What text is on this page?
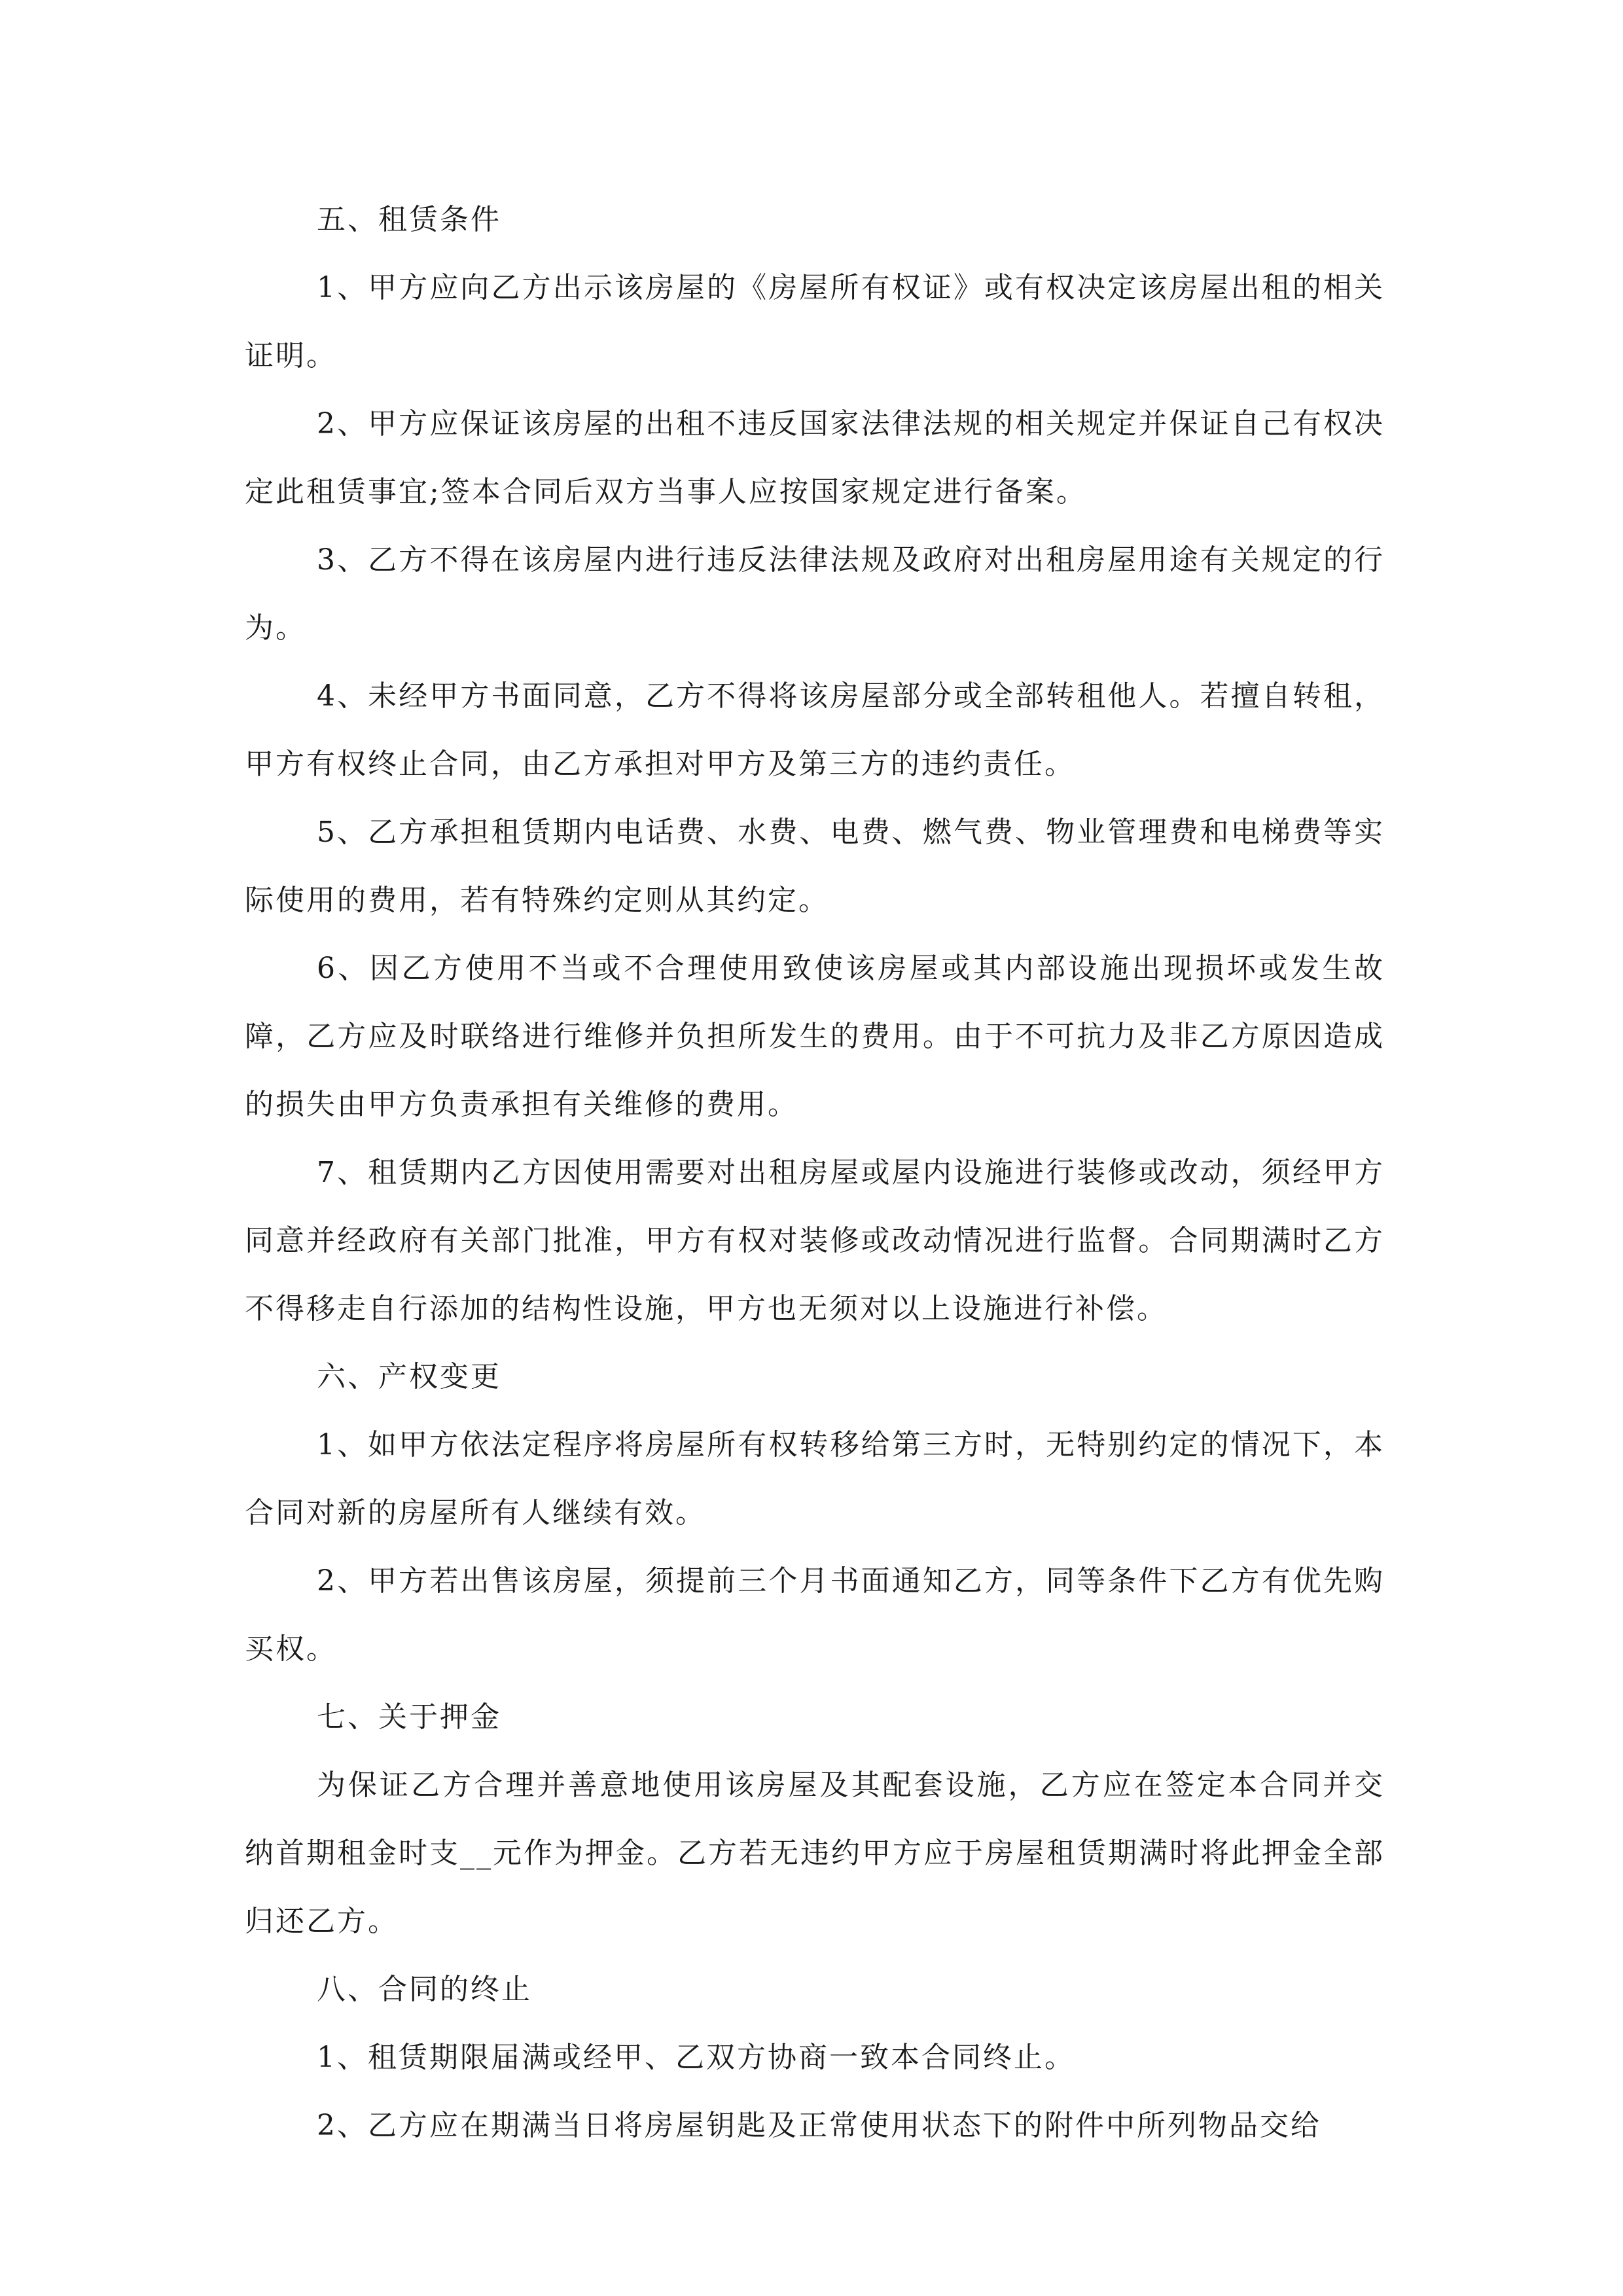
五、租赁条件

1、甲方应向乙方出示该房屋的《房屋所有权证》或有权决定该房屋出租的相关证明。

2、甲方应保证该房屋的出租不违反国家法律法规的相关规定并保证自己有权决定此租赁事宜;签本合同后双方当事人应按国家规定进行备案。

3、乙方不得在该房屋内进行违反法律法规及政府对出租房屋用途有关规定的行为。

4、未经甲方书面同意，乙方不得将该房屋部分或全部转租他人。若擅自转租，甲方有权终止合同，由乙方承担对甲方及第三方的违约责任。

5、乙方承担租赁期内电话费、水费、电费、燃气费、物业管理费和电梯费等实际使用的费用，若有特殊约定则从其约定。

6、因乙方使用不当或不合理使用致使该房屋或其内部设施出现损坏或发生故障，乙方应及时联络进行维修并负担所发生的费用。由于不可抗力及非乙方原因造成的损失由甲方负责承担有关维修的费用。

7、租赁期内乙方因使用需要对出租房屋或屋内设施进行装修或改动，须经甲方同意并经政府有关部门批准，甲方有权对装修或改动情况进行监督。合同期满时乙方不得移走自行添加的结构性设施，甲方也无须对以上设施进行补偿。

六、产权变更

1、如甲方依法定程序将房屋所有权转移给第三方时，无特别约定的情况下，本合同对新的房屋所有人继续有效。

2、甲方若出售该房屋，须提前三个月书面通知乙方，同等条件下乙方有优先购买权。

七、关于押金

为保证乙方合理并善意地使用该房屋及其配套设施，乙方应在签定本合同并交纳首期租金时支__元作为押金。乙方若无违约甲方应于房屋租赁期满时将此押金全部归还乙方。

八、合同的终止

1、租赁期限届满或经甲、乙双方协商一致本合同终止。

2、乙方应在期满当日将房屋钥匙及正常使用状态下的附件中所列物品交给
